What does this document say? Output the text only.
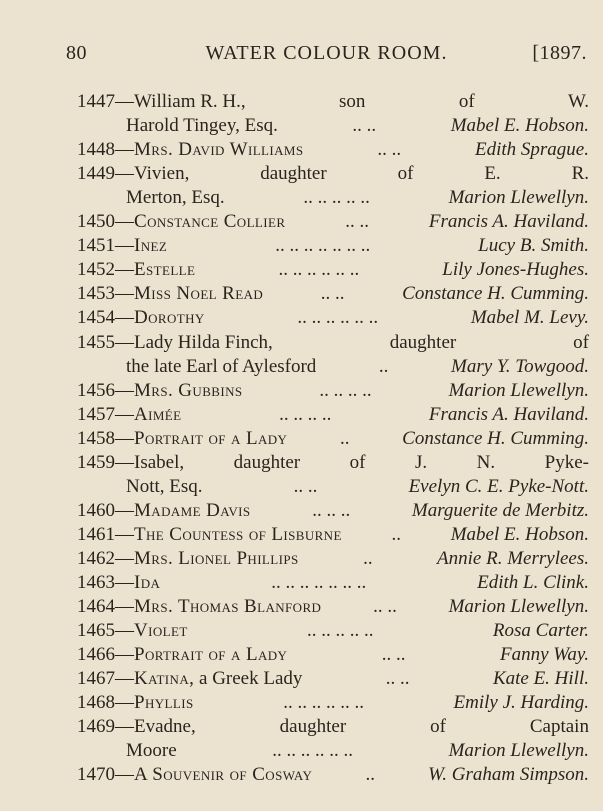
80	WATER COLOUR ROOM.	[1897.
1447—William R. H.,	son	of	W.
Harold Tingey, Esq.	.. ..	Mabel E. Hobson.
1448—Mrs. David Williams	.. ..	Edith Sprague.
1449—Vivien,	daughter	of	E.	R.
Merton, Esq.	.. .. .. .. ..	Marion Llewellyn.
1450—Constance Collier	.. ..	Francis A. Haviland.
1451—Inez	.. .. .. .. .. .. ..	Lucy B. Smith.
1452—Estelle	.. .. .. .. .. ..	Lily Jones-Hughes.
1453—Miss Noel Read	.. ..	Constance H. Cumming.
1454—Dorothy	.. .. .. .. .. ..	Mabel M. Levy.
1455—Lady Hilda Finch,	daughter	of
the late Earl of Aylesford	..	Mary Y. Towgood.
1456—Mrs. Gubbins	.. .. .. ..	Marion Llewellyn.
1457—Aimée	.. .. .. ..	Francis A. Haviland.
1458—Portrait of a Lady	..	Constance H. Cumming.
1459—Isabel,	daughter	of	J.	N.	Pyke-
Nott, Esq.	.. ..	Evelyn C. E. Pyke-Nott.
1460—Madame Davis	.. .. ..	Marguerite de Merbitz.
1461—The Countess of Lisburne	..	Mabel E. Hobson.
1462—Mrs. Lionel Phillips	..	Annie R. Merrylees.
1463—Ida	.. .. .. .. .. .. ..	Edith L. Clink.
1464—Mrs. Thomas Blanford	.. ..	Marion Llewellyn.
1465—Violet	.. .. .. .. ..	Rosa Carter.
1466—Portrait of a Lady	.. ..	Fanny Way.
1467—Katina, a Greek Lady	.. ..	Kate E. Hill.
1468—Phyllis	.. .. .. .. .. ..	Emily J. Harding.
1469—Evadne,	daughter	of	Captain
Moore	.. .. .. .. .. ..	Marion Llewellyn.
1470—A Souvenir of Cosway	..	W. Graham Simpson.
